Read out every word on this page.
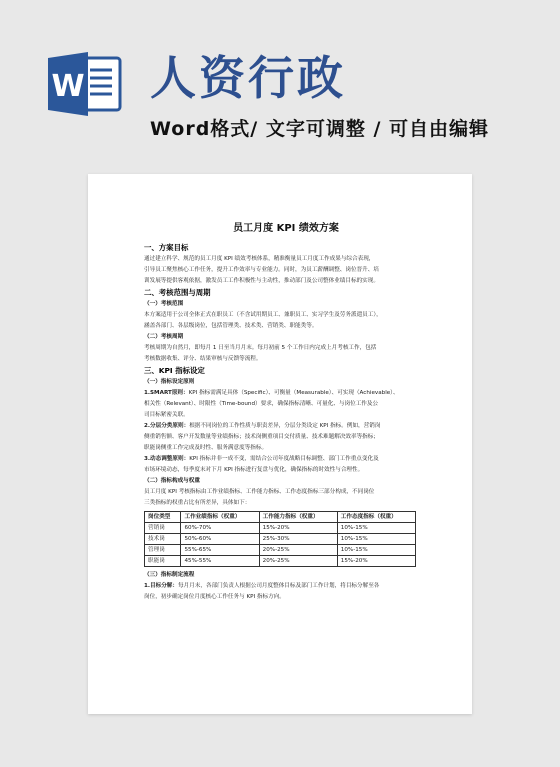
W 人资行政
Word格式/ 文字可调整 / 可自由编辑
员工月度 KPI 绩效方案
一、方案目标
通过建立科学、规范的员工月度 KPI 绩效考核体系，精准衡量员工月度工作成果与综合表现，
引导员工聚焦核心工作任务，提升工作效率与专业能力。同时，为员工薪酬调整、岗位晋升、培
训发展等提供客观依据，激发员工工作积极性与主动性，推动部门及公司整体业绩目标的实现。
二、考核范围与周期
（一）考核范围
本方案适用于公司全体正式在职员工（不含试用期员工、兼职员工、实习学生及劳务派遣员工），
涵盖各部门、各层级岗位，包括管理类、技术类、营销类、职能类等。
（二）考核周期
考核周期为自然月，即每月 1 日至当月月末。每月初前 5 个工作日内完成上月考核工作，包括
考核数据收集、评分、结果审核与反馈等流程。
三、KPI 指标设定
（一）指标设定原则
1.SMART原则：KPI 指标需满足具体（Specific）、可衡量（Measurable）、可实现（Achievable）、
相关性（Relevant）、时限性（Time-bound）要求，确保指标清晰、可量化、与岗位工作及公
司目标紧密关联。
2.分层分类原则：根据不同岗位的工作性质与职责差异，分层分类设定 KPI 指标。例如，营销岗
侧重销售额、客户开发数量等业绩指标；技术岗侧重项目交付质量、技术难题解决效率等指标；
职能岗侧重工作完成及时性、服务满意度等指标。
3.动态调整原则：KPI 指标并非一成不变，需结合公司年度战略目标调整、部门工作重点变化及
市场环境动态，每季度末对下月 KPI 指标进行复盘与优化，确保指标的时效性与合理性。
（二）指标构成与权重
员工月度 KPI 考核指标由工作业绩指标、工作能力指标、工作态度指标三部分构成，不同岗位
三类指标的权重占比有所差异，具体如下：
岗位类型	工作业绩指标（权重）	工作能力指标（权重）	工作态度指标（权重）
营销岗	60%-70%	15%-20%	10%-15%
技术岗	50%-60%	25%-30%	10%-15%
管理岗	55%-65%	20%-25%	10%-15%
职能岗	45%-55%	20%-25%	15%-20%
（三）指标制定流程
1.目标分解：每月月末，各部门负责人根据公司月度整体目标及部门工作计划，将目标分解至各
岗位，初步确定岗位月度核心工作任务与 KPI 指标方向。
